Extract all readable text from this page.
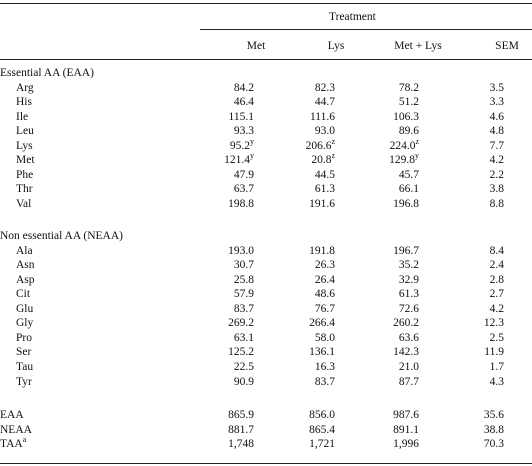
Treatment
Met	Lys	Met + Lys	SEM
Essential AA (EAA)
Arg	84.2	82.3	78.2	3.5
His	46.4	44.7	51.2	3.3
Ile	115.1	111.6	106.3	4.6
Leu	93.3	93.0	89.6	4.8
Lys	95.2$^y$	206.6$^z$	224.0$^z$	7.7
Met	121.4$^y$	20.8$^z$	129.8$^y$	4.2
Phe	47.9	44.5	45.7	2.2
Thr	63.7	61.3	66.1	3.8
Val	198.8	191.6	196.8	8.8
Non essential AA (NEAA)
Ala	193.0	191.8	196.7	8.4
Asn	30.7	26.3	35.2	2.4
Asp	25.8	26.4	32.9	2.8
Cit	57.9	48.6	61.3	2.7
Glu	83.7	76.7	72.6	4.2
Gly	269.2	266.4	260.2	12.3
Pro	63.1	58.0	63.6	2.5
Ser	125.2	136.1	142.3	11.9
Tau	22.5	16.3	21.0	1.7
Tyr	90.9	83.7	87.7	4.3
EAA	865.9	856.0	987.6	35.6
NEAA	881.7	865.4	891.1	38.8
TAA$^a$	1,748	1,721	1,996	70.3
